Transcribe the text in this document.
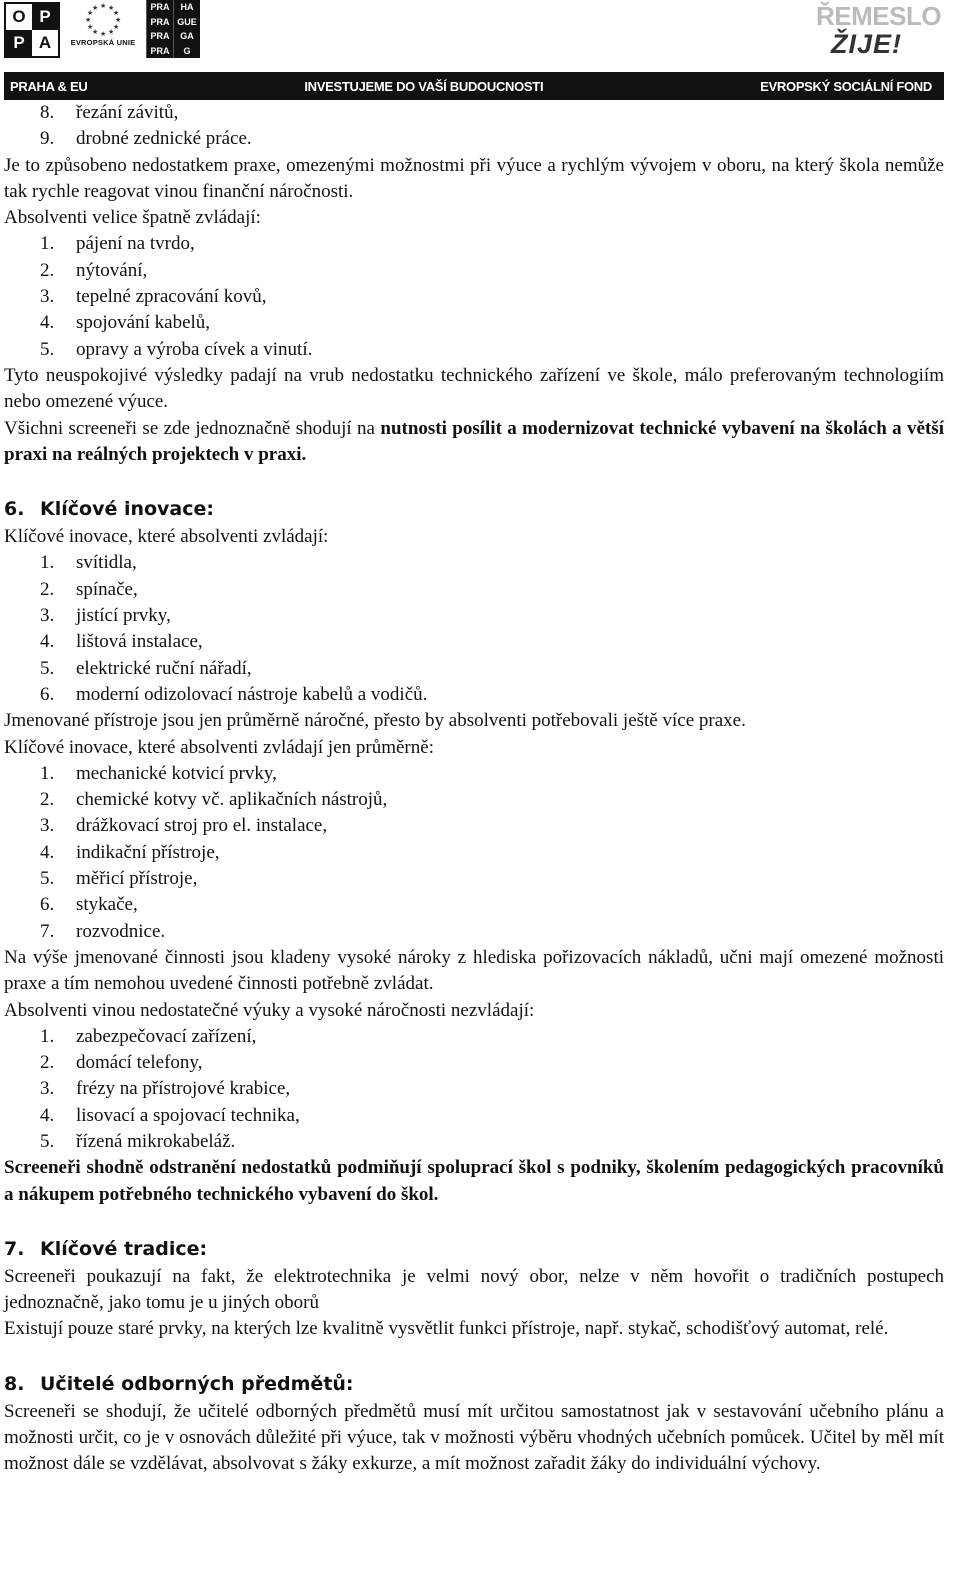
O P
P A
★ ★
★
★
★
★
★
★
★
★
★
★
EVROPSKÁ UNIE
PRA	HA
PRA GUE
PRA	GA
PRA	G
ŘEMESLO
ŽIJE!
PRAHA & EU	INVESTUJEME DO VAŠÍ BUDOUCNOSTI	EVROPSKÝ SOCIÁLNÍ FOND
8.	řezání závitů,
9.	drobné zednické práce.

Je to způsobeno nedostatkem praxe, omezenými možnostmi při výuce a rychlým vývojem v oboru, na který škola nemůže tak rychle reagovat vinou finanční náročnosti.

Absolventi velice špatně zvládají:

1.	pájení na tvrdo,
2.	nýtování,
3.	tepelné zpracování kovů,
4.	spojování kabelů,
5.	opravy a výroba cívek a vinutí.

Tyto neuspokojivé výsledky padají na vrub nedostatku technického zařízení ve škole, málo preferovaným technologiím nebo omezené výuce.

Všichni screeneři se zde jednoznačně shodují na nutnosti posílit a modernizovat technické vybavení na školách a větší praxi na reálných projektech v praxi.

6. Klíčové inovace:

Klíčové inovace, které absolventi zvládají:

1.	svítidla,
2.	spínače,
3.	jistící prvky,
4.	lištová instalace,
5.	elektrické ruční nářadí,
6.	moderní odizolovací nástroje kabelů a vodičů.

Jmenované přístroje jsou jen průměrně náročné, přesto by absolventi potřebovali ještě více praxe.

Klíčové inovace, které absolventi zvládají jen průměrně:

1.	mechanické kotvicí prvky,
2.	chemické kotvy vč. aplikačních nástrojů,
3.	drážkovací stroj pro el. instalace,
4.	indikační přístroje,
5.	měřicí přístroje,
6.	stykače,
7.	rozvodnice.

Na výše jmenované činnosti jsou kladeny vysoké nároky z hlediska pořizovacích nákladů, učni mají omezené možnosti praxe a tím nemohou uvedené činnosti potřebně zvládat.

Absolventi vinou nedostatečné výuky a vysoké náročnosti nezvládají:

1.	zabezpečovací zařízení,
2.	domácí telefony,
3.	frézy na přístrojové krabice,
4.	lisovací a spojovací technika,
5.	řízená mikrokabeláž.

Screeneři shodně odstranění nedostatků podmiňují spoluprací škol s podniky, školením pedagogických pracovníků a nákupem potřebného technického vybavení do škol.

7. Klíčové tradice:

Screeneři poukazují na fakt, že elektrotechnika je velmi nový obor, nelze v něm hovořit o tradičních postupech jednoznačně, jako tomu je u jiných oborů

Existují pouze staré prvky, na kterých lze kvalitně vysvětlit funkci přístroje, např. stykač, schodišťový automat, relé.

8. Učitelé odborných předmětů:

Screeneři se shodují, že učitelé odborných předmětů musí mít určitou samostatnost jak v sestavování učebního plánu a možnosti určit, co je v osnovách důležité při výuce, tak v možnosti výběru vhodných učebních pomůcek. Učitel by měl mít možnost dále se vzdělávat, absolvovat s žáky exkurze, a mít možnost zařadit žáky do individuální výchovy.
